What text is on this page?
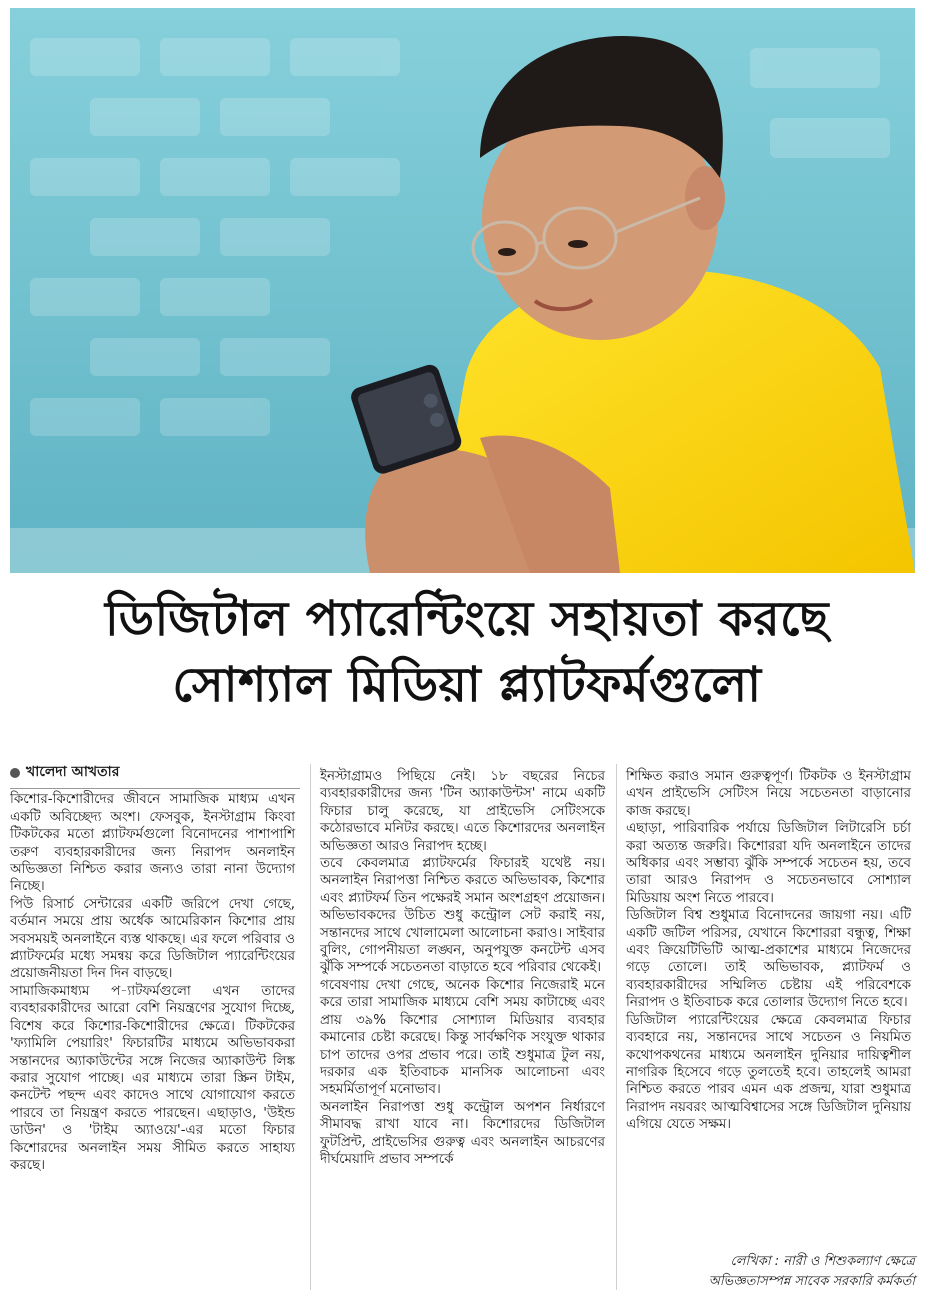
ডিজিটাল প্যারেন্টিংয়ে সহায়তা করছে
সোশ্যাল মিডিয়া প্ল্যাটফর্মগুলো
খালেদা আখতার

কিশোর-কিশোরীদের জীবনে সামাজিক মাধ্যম এখন একটি অবিচ্ছেদ্য অংশ। ফেসবুক, ইনস্টাগ্রাম কিংবা টিকটকের মতো প্ল্যাটফর্মগুলো বিনোদনের পাশাপাশি তরুণ ব্যবহারকারীদের জন্য নিরাপদ অনলাইন অভিজ্ঞতা নিশ্চিত করার জন্যও তারা নানা উদ্যোগ নিচ্ছে।

পিউ রিসার্চ সেন্টারের একটি জরিপে দেখা গেছে, বর্তমান সময়ে প্রায় অর্ধেক আমেরিকান কিশোর প্রায় সবসময়ই অনলাইনে ব্যস্ত থাকছে। এর ফলে পরিবার ও প্ল্যাটফর্মের মধ্যে সমন্বয় করে ডিজিটাল প্যারেন্টিংয়ের প্রয়োজনীয়তা দিন দিন বাড়ছে।

সামাজিকমাধ্যম প-্যাটফর্মগুলো এখন তাদের ব্যবহারকারীদের আরো বেশি নিয়ন্ত্রণের সুযোগ দিচ্ছে, বিশেষ করে কিশোর-কিশোরীদের ক্ষেত্রে। টিকটকের 'ফ্যামিলি পেয়ারিং' ফিচারটির মাধ্যমে অভিভাবকরা সন্তানদের অ্যাকাউন্টের সঙ্গে নিজের অ্যাকাউন্ট লিঙ্ক করার সুযোগ পাচ্ছে। এর মাধ্যমে তারা স্ক্রিন টাইম, কনটেন্ট পছন্দ এবং কাদেও সাথে যোগাযোগ করতে পারবে তা নিয়ন্ত্রণ করতে পারছেন। এছাড়াও, 'উইন্ড ডাউন' ও 'টাইম অ্যাওয়ে'-এর মতো ফিচার কিশোরদের অনলাইন সময় সীমিত করতে সাহায্য করছে।

ইনস্টাগ্রামও পিছিয়ে নেই। ১৮ বছরের নিচের ব্যবহারকারীদের জন্য 'টিন অ্যাকাউন্টস' নামে একটি ফিচার চালু করেছে, যা প্রাইভেসি সেটিংসকে কঠোরভাবে মনিটর করছে। এতে কিশোরদের অনলাইন অভিজ্ঞতা আরও নিরাপদ হচ্ছে।

তবে কেবলমাত্র প্ল্যাটফর্মের ফিচারই যথেষ্ট নয়। অনলাইন নিরাপত্তা নিশ্চিত করতে অভিভাবক, কিশোর এবং প্ল্যাটফর্ম তিন পক্ষেরই সমান অংশগ্রহণ প্রয়োজন। অভিভাবকদের উচিত শুধু কন্ট্রোল সেট করাই নয়, সন্তানদের সাথে খোলামেলা আলোচনা করাও। সাইবার বুলিং, গোপনীয়তা লঙ্ঘন, অনুপযুক্ত কনটেন্ট এসব ঝুঁকি সম্পর্কে সচেতনতা বাড়াতে হবে পরিবার থেকেই।

গবেষণায় দেখা গেছে, অনেক কিশোর নিজেরাই মনে করে তারা সামাজিক মাধ্যমে বেশি সময় কাটাচ্ছে এবং প্রায় ৩৯% কিশোর সোশ্যাল মিডিয়ার ব্যবহার কমানোর চেষ্টা করেছে। কিন্তু সার্বক্ষণিক সংযুক্ত থাকার চাপ তাদের ওপর প্রভাব পরে। তাই শুধুমাত্র টুল নয়, দরকার এক ইতিবাচক মানসিক আলোচনা এবং সহমর্মিতাপূর্ণ মনোভাব।

অনলাইন নিরাপত্তা শুধু কন্ট্রোল অপশন নির্ধারণে সীমাবদ্ধ রাখা যাবে না। কিশোরদের ডিজিটাল ফুটপ্রিন্ট, প্রাইভেসির গুরুত্ব এবং অনলাইন আচরণের দীর্ঘমেয়াদি প্রভাব সম্পর্কে

শিক্ষিত করাও সমান গুরুত্বপূর্ণ। টিকটক ও ইনস্টাগ্রাম এখন প্রাইভেসি সেটিংস নিয়ে সচেতনতা বাড়ানোর কাজ করছে।

এছাড়া, পারিবারিক পর্যায়ে ডিজিটাল লিটারেসি চর্চা করা অত্যন্ত জরুরি। কিশোররা যদি অনলাইনে তাদের অধিকার এবং সম্ভাব্য ঝুঁকি সম্পর্কে সচেতন হয়, তবে তারা আরও নিরাপদ ও সচেতনভাবে সোশ্যাল মিডিয়ায় অংশ নিতে পারবে।

ডিজিটাল বিশ্ব শুধুমাত্র বিনোদনের জায়গা নয়। এটি একটি জটিল পরিসর, যেখানে কিশোররা বন্ধুত্ব, শিক্ষা এবং ক্রিয়েটিভিটি আত্ম-প্রকাশের মাধ্যমে নিজেদের গড়ে তোলে। তাই অভিভাবক, প্ল্যাটফর্ম ও ব্যবহারকারীদের সম্মিলিত চেষ্টায় এই পরিবেশকে নিরাপদ ও ইতিবাচক করে তোলার উদ্যোগ নিতে হবে।

ডিজিটাল প্যারেন্টিংয়ের ক্ষেত্রে কেবলমাত্র ফিচার ব্যবহারে নয়, সন্তানদের সাথে সচেতন ও নিয়মিত কথোপকথনের মাধ্যমে অনলাইন দুনিয়ার দায়িত্বশীল নাগরিক হিসেবে গড়ে তুলতেই হবে। তাহলেই আমরা নিশ্চিত করতে পারব এমন এক প্রজন্ম, যারা শুধুমাত্র নিরাপদ নয়বরং আত্মবিশ্বাসের সঙ্গে ডিজিটাল দুনিয়ায় এগিয়ে যেতে সক্ষম।

লেখিকা : নারী ও শিশুকল্যাণ ক্ষেত্রে
অভিজ্ঞতাসম্পন্ন সাবেক সরকারি কর্মকর্তা
